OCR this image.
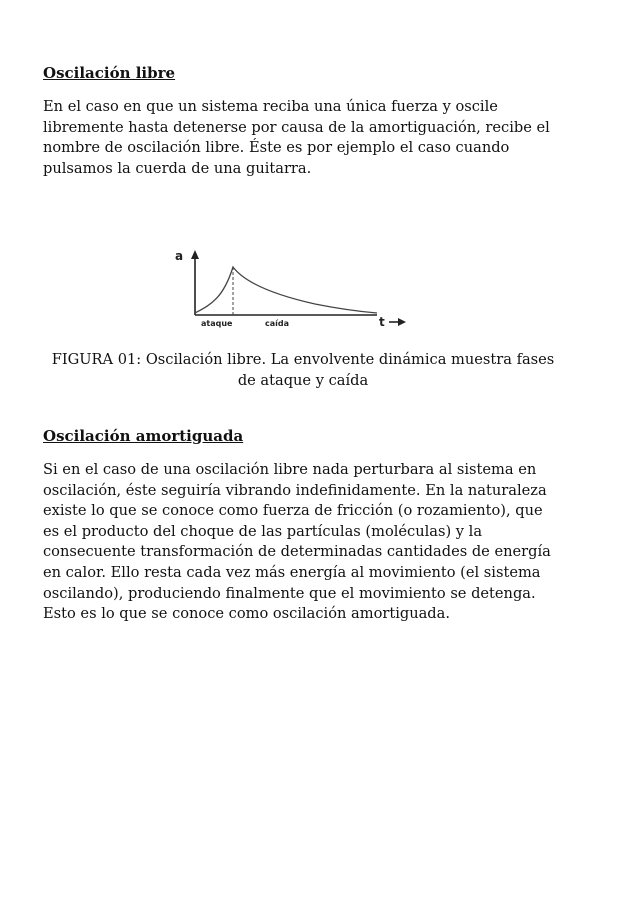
Oscilación libre

En el caso en que un sistema reciba una única fuerza y oscile
libremente hasta detenerse por causa de la amortiguación, recibe el
nombre de oscilación libre. Éste es por ejemplo el caso cuando
pulsamos la cuerda de una guitarra.

a
ataque	caída	t

FIGURA 01: Oscilación libre. La envolvente dinámica muestra fases
de ataque y caída

Oscilación amortiguada

Si en el caso de una oscilación libre nada perturbara al sistema en
oscilación, éste seguiría vibrando indefinidamente. En la naturaleza
existe lo que se conoce como fuerza de fricción (o rozamiento), que
es el producto del choque de las partículas (moléculas) y la
consecuente transformación de determinadas cantidades de energía
en calor. Ello resta cada vez más energía al movimiento (el sistema
oscilando), produciendo finalmente que el movimiento se detenga.
Esto es lo que se conoce como oscilación amortiguada.
